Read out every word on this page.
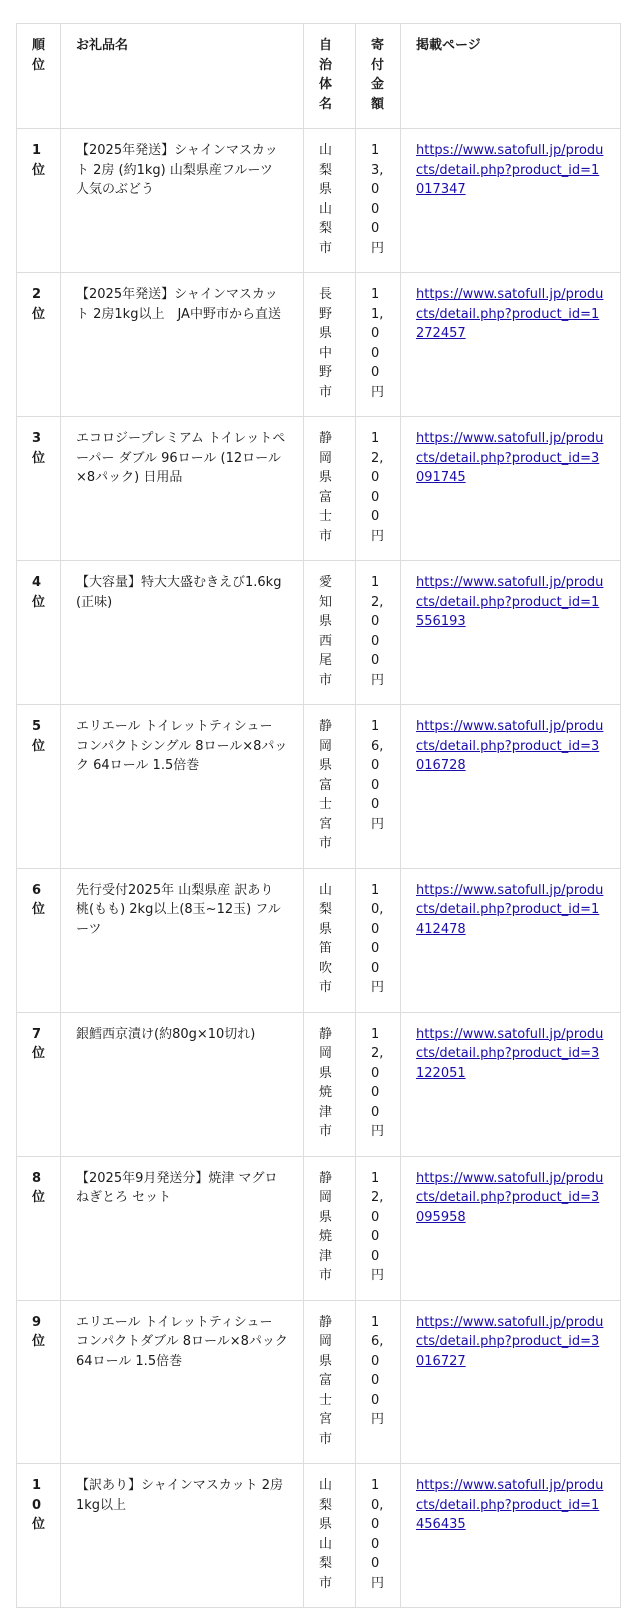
順位	お礼品名	自治体名	寄付金額	掲載ページ
1位	【2025年発送】シャインマスカット 2房 (約1kg) 山梨県産フルーツ 人気のぶどう	山梨県山梨市	13,000円	https://www.satofull.jp/products/detail.php?product_id=1017347
2位	【2025年発送】シャインマスカット 2房1kg以上　JA中野市から直送	長野県中野市	11,000円	https://www.satofull.jp/products/detail.php?product_id=1272457
3位	エコロジープレミアム トイレットペーパー ダブル 96ロール (12ロール×8パック) 日用品	静岡県富士市	12,000円	https://www.satofull.jp/products/detail.php?product_id=3091745
4位	【大容量】特大大盛むきえび1.6kg(正味)	愛知県西尾市	12,000円	https://www.satofull.jp/products/detail.php?product_id=1556193
5位	エリエール トイレットティシュー コンパクトシングル 8ロール×8パック 64ロール 1.5倍巻	静岡県富士宮市	16,000円	https://www.satofull.jp/products/detail.php?product_id=3016728
6位	先行受付2025年 山梨県産 訳あり 桃(もも) 2kg以上(8玉~12玉) フルーツ	山梨県笛吹市	10,000円	https://www.satofull.jp/products/detail.php?product_id=1412478
7位	銀鱈西京漬け(約80g×10切れ)	静岡県焼津市	12,000円	https://www.satofull.jp/products/detail.php?product_id=3122051
8位	【2025年9月発送分】焼津 マグロ ねぎとろ セット	静岡県焼津市	12,000円	https://www.satofull.jp/products/detail.php?product_id=3095958
9位	エリエール トイレットティシュー コンパクトダブル 8ロール×8パック 64ロール 1.5倍巻	静岡県富士宮市	16,000円	https://www.satofull.jp/products/detail.php?product_id=3016727
10位	【訳あり】シャインマスカット 2房 1kg以上	山梨県山梨市	10,000円	https://www.satofull.jp/products/detail.php?product_id=1456435
